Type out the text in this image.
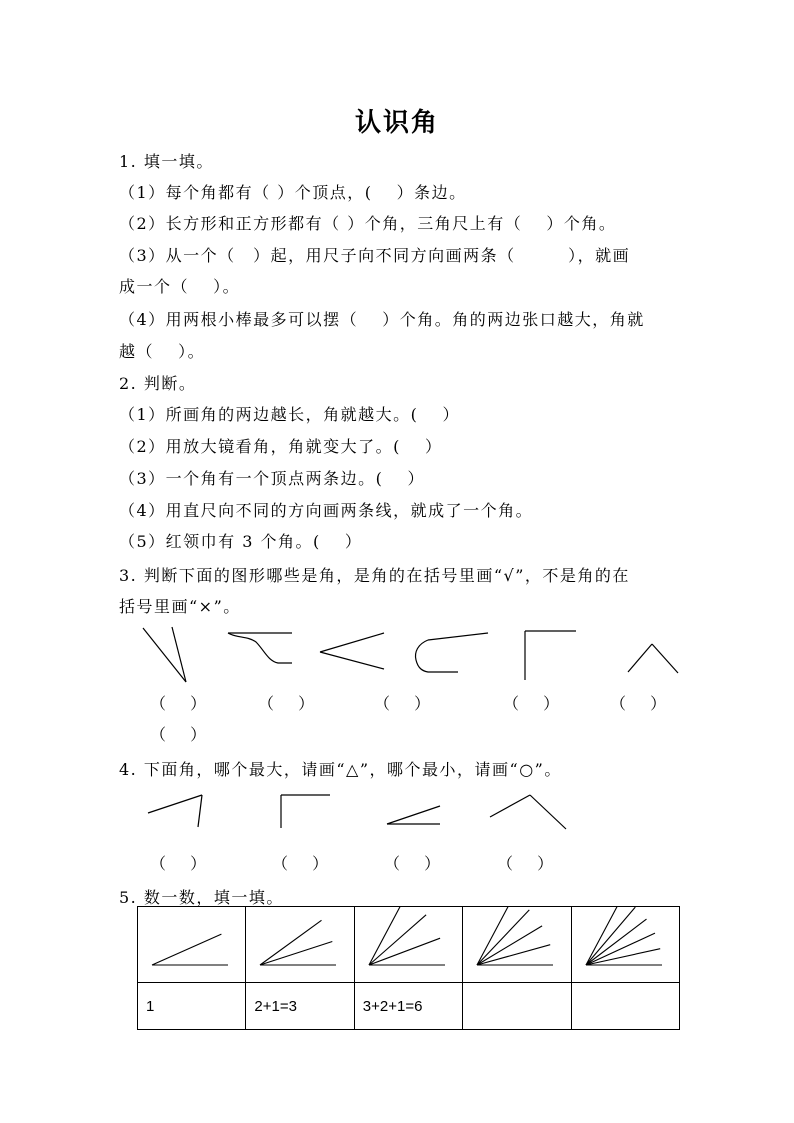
认识角
1. 填一填。
（1）每个角都有（ ）个顶点，(　 ）条边。
（2）长方形和正方形都有（ ）个角，三角尺上有（　 ）个角。
（3）从一个（　）起，用尺子向不同方向画两条（　　　），就画
成一个（　 ）。
（4）用两根小棒最多可以摆（　 ）个角。角的两边张口越大，角就
越（　 ）。
2. 判断。
（1）所画角的两边越长，角就越大。(　 ）
（2）用放大镜看角，角就变大了。(　 ）
（3）一个角有一个顶点两条边。(　 ）
（4）用直尺向不同的方向画两条线，就成了一个角。
（5）红领巾有 3 个角。(　 ）
3. 判断下面的图形哪些是角，是角的在括号里画“√”，不是角的在
括号里画“×”。
（　 ）	（　 ）	（　 ）	（　 ）	（　 ）
（　 ）
4. 下面角，哪个最大，请画“△”，哪个最小，请画“○”。
（　 ）	（　 ）	（　 ）	（　 ）
5. 数一数，填一填。

1	2+1=3	3+2+1=6		
